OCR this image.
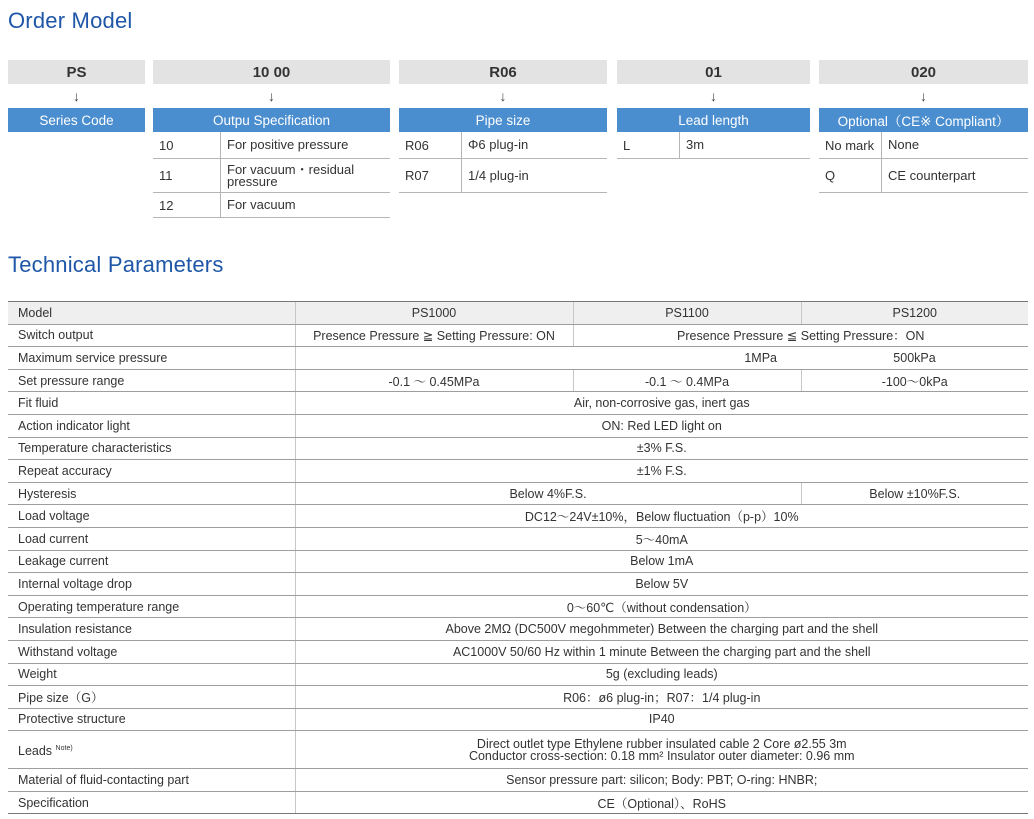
Order Model
PS
↓
Series Code
10 00
↓
Outpu Specification
10	For positive pressure
11	For vacuum・residual pressure
12	For vacuum
R06
↓
Pipe size
R06	Φ6 plug-in
R07	1/4 plug-in
01
↓
Lead length
L	3m
020
↓
Optional（CE※ Compliant）
No mark	None
Q	CE counterpart
Technical Parameters
Model	PS1000	PS1100	PS1200
Switch output	Presence Pressure ≧ Setting Pressure: ON	Presence Pressure ≦ Setting Pressure：ON	
Maximum service pressure	1MPa		500kPa
Set pressure range	-0.1 ～ 0.45MPa	-0.1 ～ 0.4MPa	-100～0kPa
Fit fluid	Air, non-corrosive gas, inert gas		
Action indicator light	ON: Red LED light on		
Temperature characteristics	±3% F.S.		
Repeat accuracy	±1% F.S.		
Hysteresis	Below 4%F.S.		Below ±10%F.S.
Load voltage	DC12～24V±10%，Below fluctuation（p-p）10%		
Load current	5～40mA		
Leakage current	Below 1mA		
Internal voltage drop	Below 5V		
Operating temperature range	0～60℃（without condensation）		
Insulation resistance	Above 2MΩ (DC500V megohmmeter) Between the charging part and the shell		
Withstand voltage	AC1000V 50/60 Hz within 1 minute Between the charging part and the shell		
Weight	5g (excluding leads)		
Pipe size（G）	R06：ø6 plug-in；R07：1/4 plug-in		
Protective structure	IP40		
Leads $^{Note)}$	Direct outlet type Ethylene rubber insulated cable 2 Core ø2.55 3m
Conductor cross-section: 0.18 mm² Insulator outer diameter: 0.96 mm		

Material of fluid-contacting part	Sensor pressure part: silicon; Body: PBT; O-ring: HNBR;		
Specification	CE（Optional）、RoHS		
